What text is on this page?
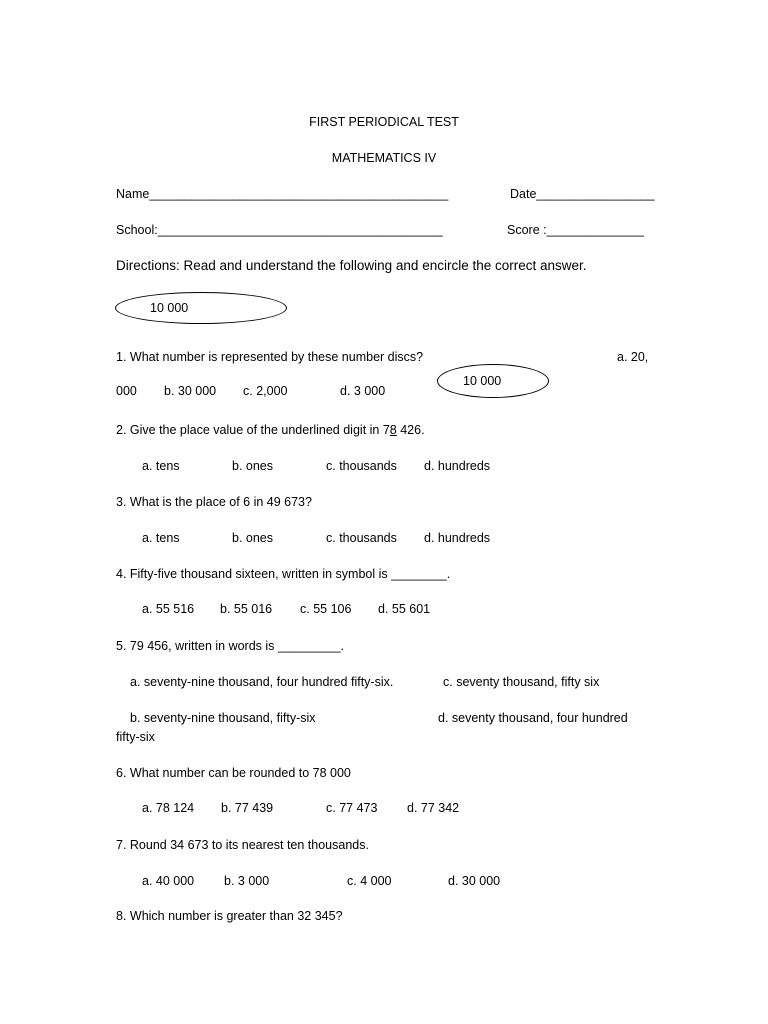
FIRST PERIODICAL TEST
MATHEMATICS IV
Name___________________________________________	Date_________________
School:_________________________________________	Score :______________
Directions: Read and understand the following and encircle the correct answer.
10 000
1. What number is represented by these number discs?	a. 20,
000 b. 30 000 c. 2,000	d. 3 000
10 000
2. Give the place value of the underlined digit in 78 426.
a. tens	b. ones	c. thousands d. hundreds
3. What is the place of 6 in 49 673?
a. tens	b. ones	c. thousands d. hundreds
4. Fifty-five thousand sixteen, written in symbol is ________.
a. 55 516 b. 55 016 c. 55 106 d. 55 601
5. 79 456, written in words is _________.
a. seventy-nine thousand, four hundred fifty-six.	c. seventy thousand, fifty six
b. seventy-nine thousand, fifty-six	d. seventy thousand, four hundred
fifty-six
6. What number can be rounded to 78 000
a. 78 124 b. 77 439	c. 77 473 d. 77 342
7. Round 34 673 to its nearest ten thousands.
a. 40 000 b. 3 000	c. 4 000	d. 30 000
8. Which number is greater than 32 345?
